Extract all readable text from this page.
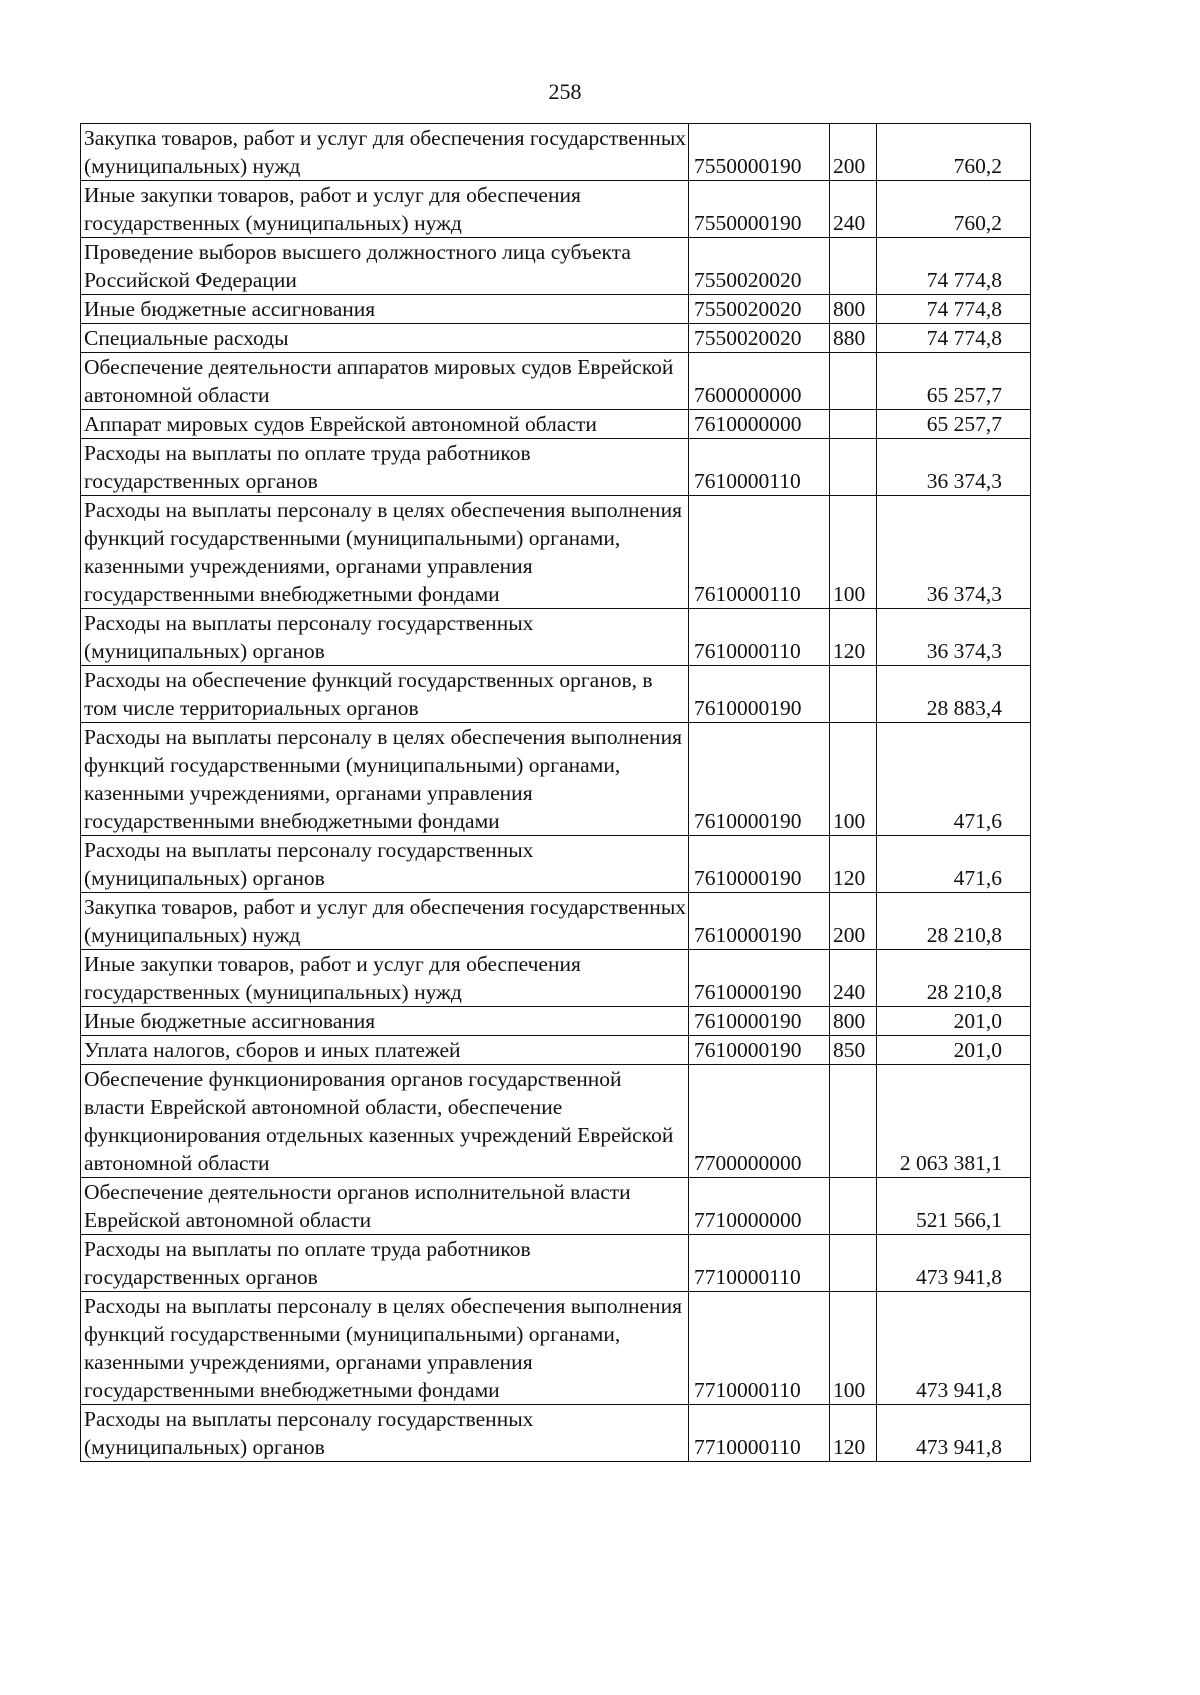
258
Закупка товаров, работ и услуг для обеспечения государственных (муниципальных) нужд	7550000190	200	760,2
Иные закупки товаров, работ и услуг для обеспечения государственных (муниципальных) нужд	7550000190	240	760,2
Проведение выборов высшего должностного лица субъекта Российской Федерации	7550020020		74 774,8
Иные бюджетные ассигнования	7550020020	800	74 774,8
Специальные расходы	7550020020	880	74 774,8
Обеспечение деятельности аппаратов мировых судов Еврейской автономной области	7600000000		65 257,7
Аппарат мировых судов Еврейской автономной области	7610000000		65 257,7
Расходы на выплаты по оплате труда работников государственных органов	7610000110		36 374,3
Расходы на выплаты персоналу в целях обеспечения выполнения функций государственными (муниципальными) органами, казенными учреждениями, органами управления государственными внебюджетными фондами	7610000110	100	36 374,3
Расходы на выплаты персоналу государственных (муниципальных) органов	7610000110	120	36 374,3
Расходы на обеспечение функций государственных органов, в том числе территориальных органов	7610000190		28 883,4
Расходы на выплаты персоналу в целях обеспечения выполнения функций государственными (муниципальными) органами, казенными учреждениями, органами управления государственными внебюджетными фондами	7610000190	100	471,6
Расходы на выплаты персоналу государственных (муниципальных) органов	7610000190	120	471,6
Закупка товаров, работ и услуг для обеспечения государственных (муниципальных) нужд	7610000190	200	28 210,8
Иные закупки товаров, работ и услуг для обеспечения государственных (муниципальных) нужд	7610000190	240	28 210,8
Иные бюджетные ассигнования	7610000190	800	201,0
Уплата налогов, сборов и иных платежей	7610000190	850	201,0
Обеспечение функционирования органов государственной власти Еврейской автономной области, обеспечение функционирования отдельных казенных учреждений Еврейской автономной области	7700000000		2 063 381,1
Обеспечение деятельности органов исполнительной власти Еврейской автономной области	7710000000		521 566,1
Расходы на выплаты по оплате труда работников государственных органов	7710000110		473 941,8
Расходы на выплаты персоналу в целях обеспечения выполнения функций государственными (муниципальными) органами, казенными учреждениями, органами управления государственными внебюджетными фондами	7710000110	100	473 941,8
Расходы на выплаты персоналу государственных (муниципальных) органов	7710000110	120	473 941,8
